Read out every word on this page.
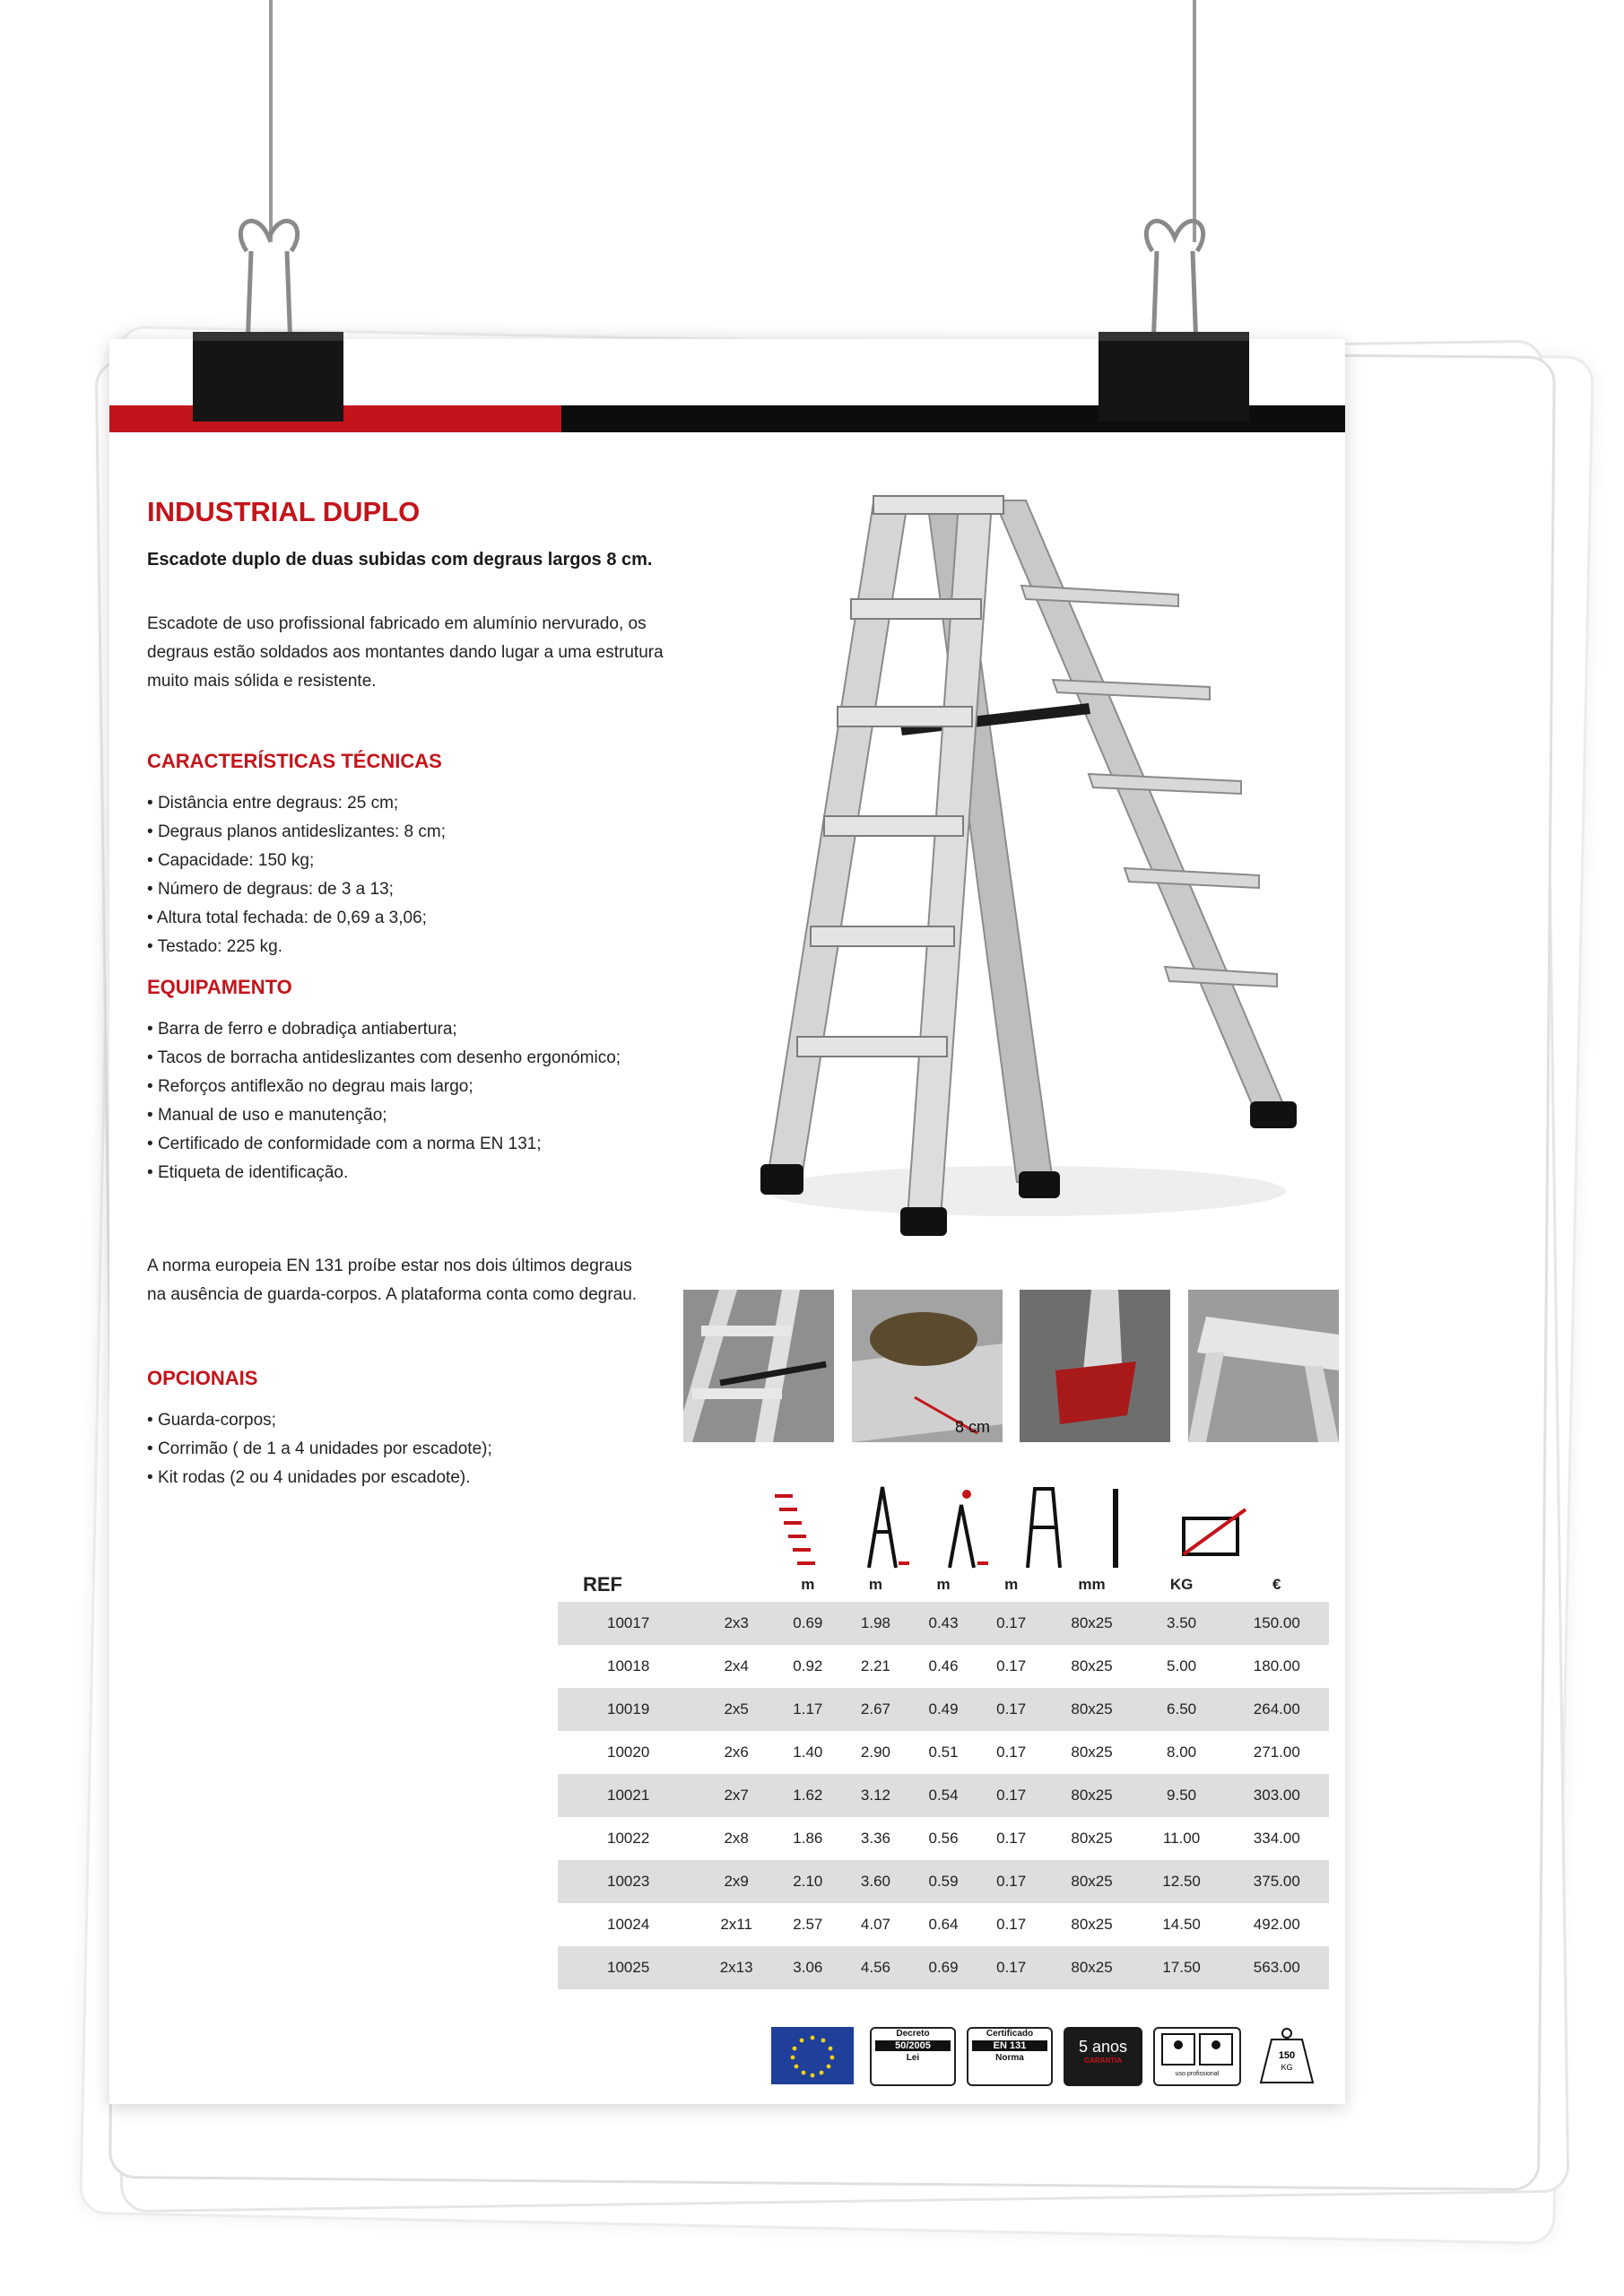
INDUSTRIAL DUPLO
Escadote duplo de duas subidas com degraus largos 8 cm.
Escadote de uso profissional fabricado em alumínio nervurado, os degraus estão soldados aos montantes dando lugar a uma estrutura muito mais sólida e resistente.
CARACTERÍSTICAS TÉCNICAS
• Distância entre degraus: 25 cm;
• Degraus planos antideslizantes: 8 cm;
• Capacidade: 150 kg;
• Número de degraus: de 3 a 13;
• Altura total fechada: de 0,69 a 3,06;
• Testado: 225 kg.
EQUIPAMENTO
• Barra de ferro e dobradiça antiabertura;
• Tacos de borracha antideslizantes com desenho ergonómico;
• Reforços antiflexão no degrau mais largo;
• Manual de uso e manutenção;
• Certificado de conformidade com a norma EN 131;
• Etiqueta de identificação.
A norma europeia EN 131 proíbe estar nos dois últimos degraus na ausência de guarda-corpos. A plataforma conta como degrau.
OPCIONAIS
• Guarda-corpos;
• Corrimão ( de 1 a 4 unidades por escadote);
• Kit rodas (2 ou 4 unidades por escadote).
8 cm
REF		m	m	m	m	mm	KG	€
10017	2x3	0.69	1.98	0.43	0.17	80x25	3.50	150.00
10018	2x4	0.92	2.21	0.46	0.17	80x25	5.00	180.00
10019	2x5	1.17	2.67	0.49	0.17	80x25	6.50	264.00
10020	2x6	1.40	2.90	0.51	0.17	80x25	8.00	271.00
10021	2x7	1.62	3.12	0.54	0.17	80x25	9.50	303.00
10022	2x8	1.86	3.36	0.56	0.17	80x25	11.00	334.00
10023	2x9	2.10	3.60	0.59	0.17	80x25	12.50	375.00
10024	2x11	2.57	4.07	0.64	0.17	80x25	14.50	492.00
10025	2x13	3.06	4.56	0.69	0.17	80x25	17.50	563.00
Decreto
50/2005
Lei
Certificado
EN 131
Norma
5 anos
GARANTIA
uso profissional
150
KG
